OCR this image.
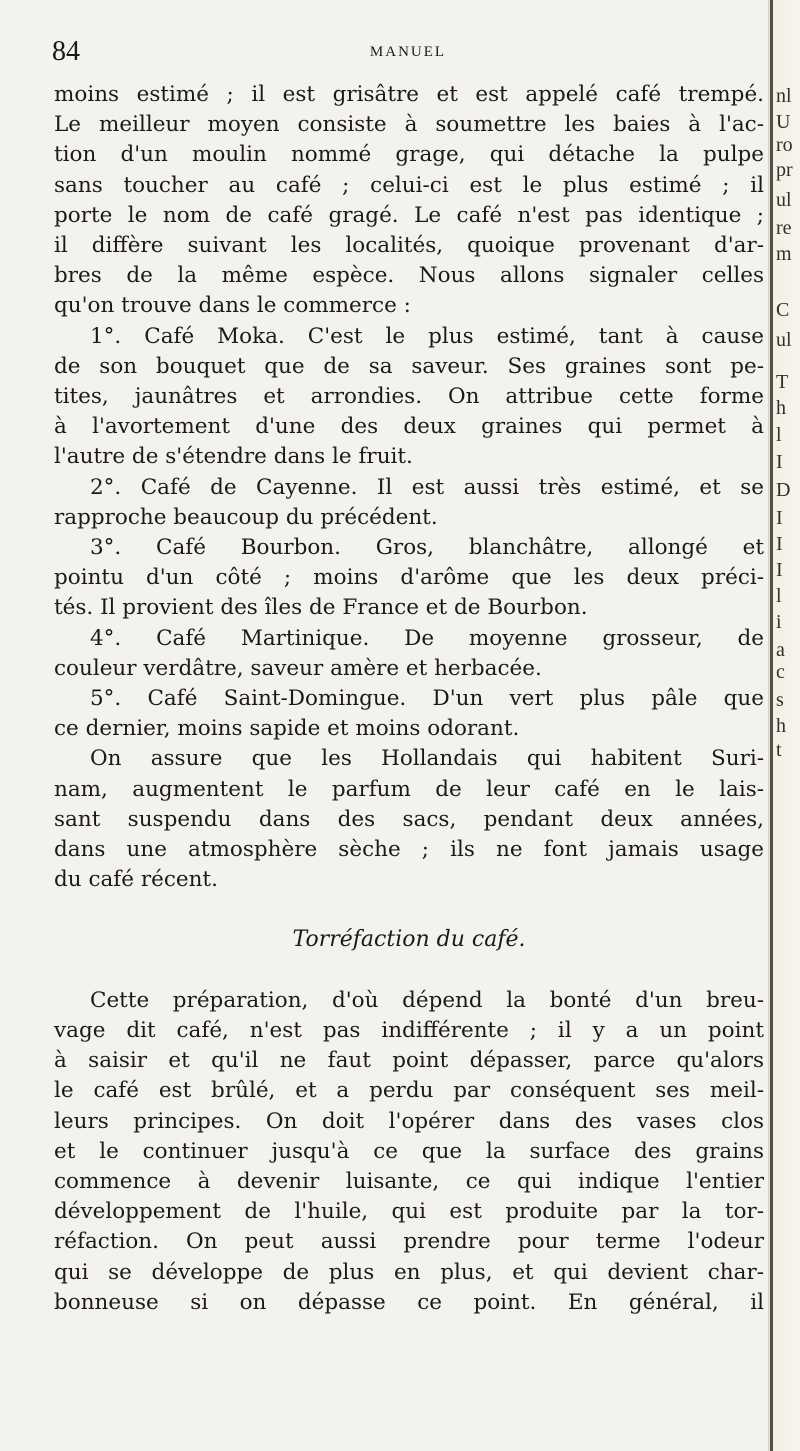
84	MANUEL
moins estimé ; il est grisâtre et est appelé café trempé.
Le meilleur moyen consiste à soumettre les baies à l'ac-
tion d'un moulin nommé grage, qui détache la pulpe
sans toucher au café ; celui-ci est le plus estimé ; il
porte le nom de café gragé. Le café n'est pas identique ;
il diffère suivant les localités, quoique provenant d'ar-
bres de la même espèce. Nous allons signaler celles
qu'on trouve dans le commerce :
1°. Café Moka. C'est le plus estimé, tant à cause
de son bouquet que de sa saveur. Ses graines sont pe-
tites, jaunâtres et arrondies. On attribue cette forme
à l'avortement d'une des deux graines qui permet à
l'autre de s'étendre dans le fruit.
2°. Café de Cayenne. Il est aussi très estimé, et se
rapproche beaucoup du précédent.
3°. Café Bourbon. Gros, blanchâtre, allongé et
pointu d'un côté ; moins d'arôme que les deux préci-
tés. Il provient des îles de France et de Bourbon.
4°. Café Martinique. De moyenne grosseur, de
couleur verdâtre, saveur amère et herbacée.
5°. Café Saint-Domingue. D'un vert plus pâle que
ce dernier, moins sapide et moins odorant.
On assure que les Hollandais qui habitent Suri-
nam, augmentent le parfum de leur café en le lais-
sant suspendu dans des sacs, pendant deux années,
dans une atmosphère sèche ; ils ne font jamais usage
du café récent.
Torréfaction du café.
Cette préparation, d'où dépend la bonté d'un breu-
vage dit café, n'est pas indifférente ; il y a un point
à saisir et qu'il ne faut point dépasser, parce qu'alors
le café est brûlé, et a perdu par conséquent ses meil-
leurs principes. On doit l'opérer dans des vases clos
et le continuer jusqu'à ce que la surface des grains
commence à devenir luisante, ce qui indique l'entier
développement de l'huile, qui est produite par la tor-
réfaction. On peut aussi prendre pour terme l'odeur
qui se développe de plus en plus, et qui devient char-
bonneuse si on dépasse ce point. En général, il
nl
U
ro
pr
ul
re
m
C
ul
T
h
l
I
D
I
I
I
l
i
a
c
s
h
t
